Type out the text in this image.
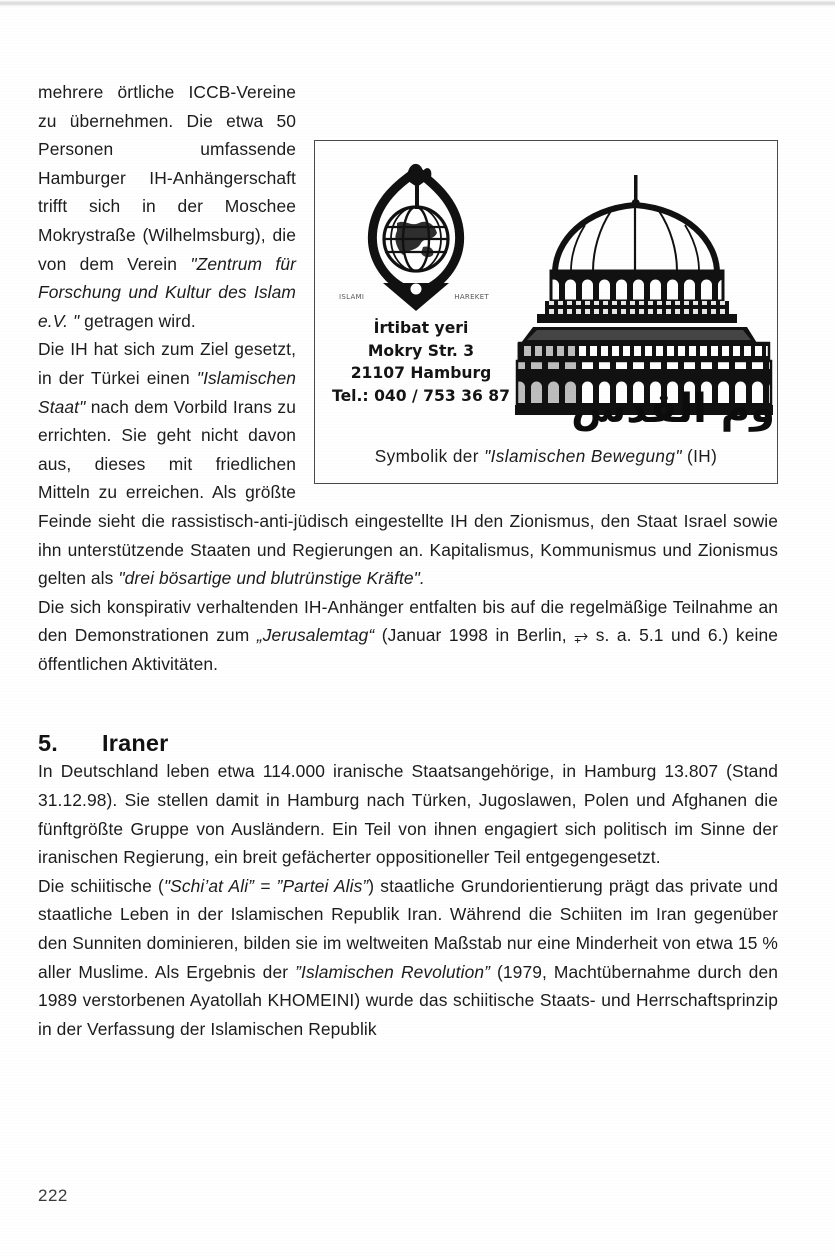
ISLAMI	HAREKET
İrtibat yeri
Mokry Str. 3
21107 Hamburg
Tel.: 040 / 753 36 87 وم القدس
Symbolik der "Islamischen Bewegung" (IH)

mehrere örtliche ICCB-Vereine zu übernehmen. Die etwa 50 Personen umfassende Hamburger IH-Anhängerschaft trifft sich in der Moschee Mokrystraße (Wilhelmsburg), die von dem Verein "Zentrum für Forschung und Kultur des Islam e.V. " getragen wird.

Die IH hat sich zum Ziel gesetzt, in der Türkei einen "Islamischen Staat" nach dem Vorbild Irans zu errichten. Sie geht nicht davon aus, dieses mit friedlichen Mitteln zu erreichen. Als größte Feinde sieht die rassistisch-anti-jüdisch eingestellte IH den Zionismus, den Staat Israel sowie ihn unterstützende Staaten und Regierungen an. Kapitalismus, Kommunismus und Zionismus gelten als "drei bösartige und blutrünstige Kräfte".

Die sich konspirativ verhaltenden IH-Anhänger entfalten bis auf die regelmäßige Teilnahme an den Demonstrationen zum „Jerusalemtag“ (Januar 1998 in Berlin, ⥅ s. a. 5.1 und 6.) keine öffentlichen Aktivitäten.

5.	Iraner

In Deutschland leben etwa 114.000 iranische Staatsangehörige, in Hamburg 13.807 (Stand 31.12.98). Sie stellen damit in Hamburg nach Türken, Jugoslawen, Polen und Afghanen die fünftgrößte Gruppe von Ausländern. Ein Teil von ihnen engagiert sich politisch im Sinne der iranischen Regierung, ein breit gefächerter oppositioneller Teil entgegengesetzt.

Die schiitische ("Schi’at Ali” = ”Partei Alis”) staatliche Grundorientierung prägt das private und staatliche Leben in der Islamischen Republik Iran. Während die Schiiten im Iran gegenüber den Sunniten dominieren, bilden sie im weltweiten Maßstab nur eine Minderheit von etwa 15 % aller Muslime. Als Ergebnis der ”Islamischen Revolution” (1979, Machtübernahme durch den 1989 verstorbenen Ayatollah KHOMEINI) wurde das schiitische Staats- und Herrschaftsprinzip in der Verfassung der Islamischen Republik

222
